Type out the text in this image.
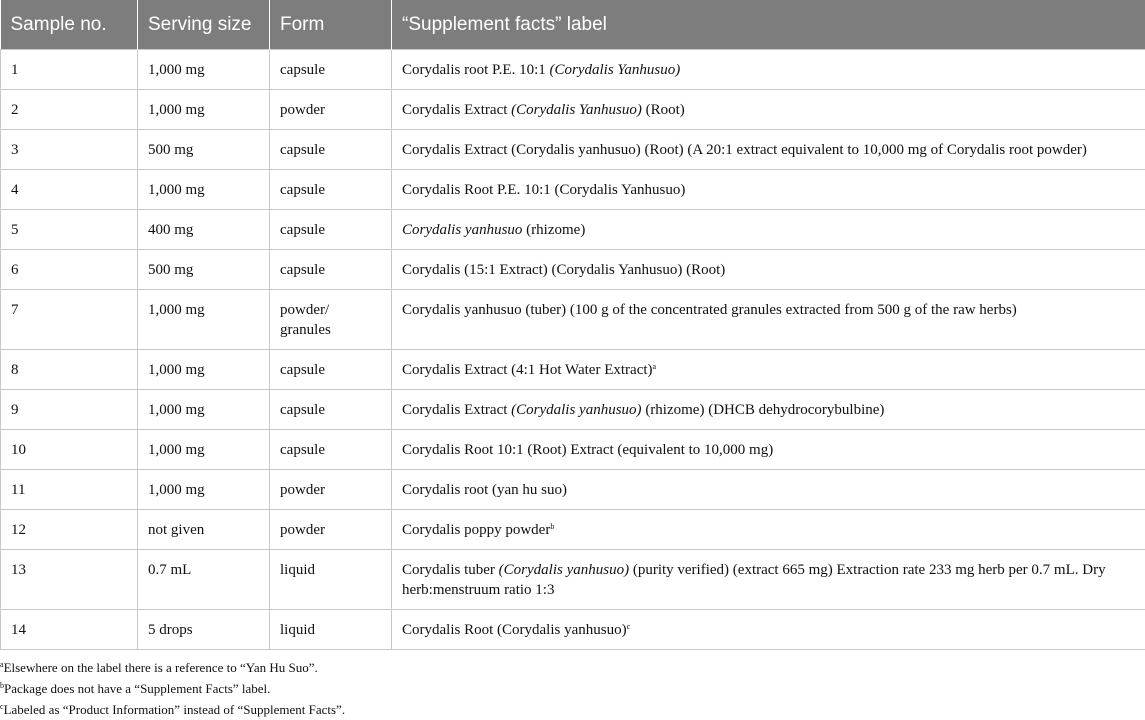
Sample no.	Serving size	Form	“Supplement facts” label
1	1,000 mg	capsule	Corydalis root P.E. 10:1 (Corydalis Yanhusuo)
2	1,000 mg	powder	Corydalis Extract (Corydalis Yanhusuo) (Root)
3	500 mg	capsule	Corydalis Extract (Corydalis yanhusuo) (Root) (A 20:1 extract equivalent to 10,000 mg of Corydalis root powder)
4	1,000 mg	capsule	Corydalis Root P.E. 10:1 (Corydalis Yanhusuo)
5	400 mg	capsule	Corydalis yanhusuo (rhizome)
6	500 mg	capsule	Corydalis (15:1 Extract) (Corydalis Yanhusuo) (Root)
7	1,000 mg	powder/ granules	Corydalis yanhusuo (tuber) (100 g of the concentrated granules extracted from 500 g of the raw herbs)
8	1,000 mg	capsule	Corydalis Extract (4:1 Hot Water Extract)$^a$
9	1,000 mg	capsule	Corydalis Extract (Corydalis yanhusuo) (rhizome) (DHCB dehydrocorybulbine)
10	1,000 mg	capsule	Corydalis Root 10:1 (Root) Extract (equivalent to 10,000 mg)
11	1,000 mg	powder	Corydalis root (yan hu suo)
12	not given	powder	Corydalis poppy powder$^b$
13	0.7 mL	liquid	Corydalis tuber (Corydalis yanhusuo) (purity verified) (extract 665 mg) Extraction rate 233 mg herb per 0.7 mL. Dry herb:menstruum ratio 1:3
14	5 drops	liquid	Corydalis Root (Corydalis yanhusuo)$^c$
$^a$Elsewhere on the label there is a reference to “Yan Hu Suo”.
$^b$Package does not have a “Supplement Facts” label.
$^c$Labeled as “Product Information” instead of “Supplement Facts”.
